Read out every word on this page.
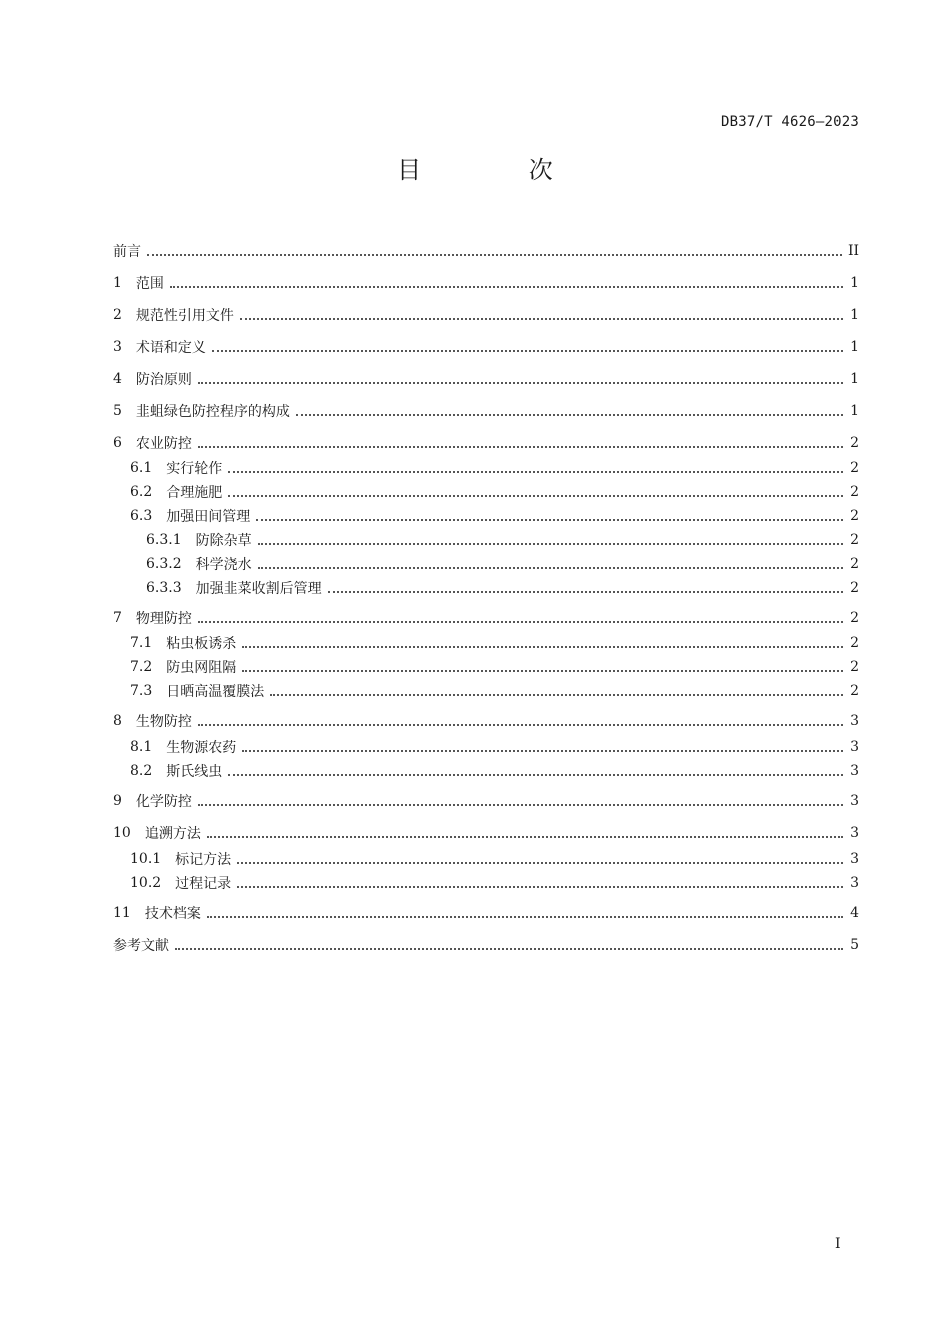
DB37/T 4626—2023
目 次
前言	II
1	范围	1
2	规范性引用文件	1
3	术语和定义	1
4	防治原则	1
5	韭蛆绿色防控程序的构成	1
6	农业防控	2
6.1	实行轮作	2
6.2	合理施肥	2
6.3	加强田间管理	2
6.3.1	防除杂草	2
6.3.2	科学浇水	2
6.3.3	加强韭菜收割后管理	2
7	物理防控	2
7.1	粘虫板诱杀	2
7.2	防虫网阻隔	2
7.3	日晒高温覆膜法	2
8	生物防控	3
8.1	生物源农药	3
8.2	斯氏线虫	3
9	化学防控	3
10	追溯方法	3
10.1	标记方法	3
10.2	过程记录	3
11	技术档案	4
参考文献	5
I
